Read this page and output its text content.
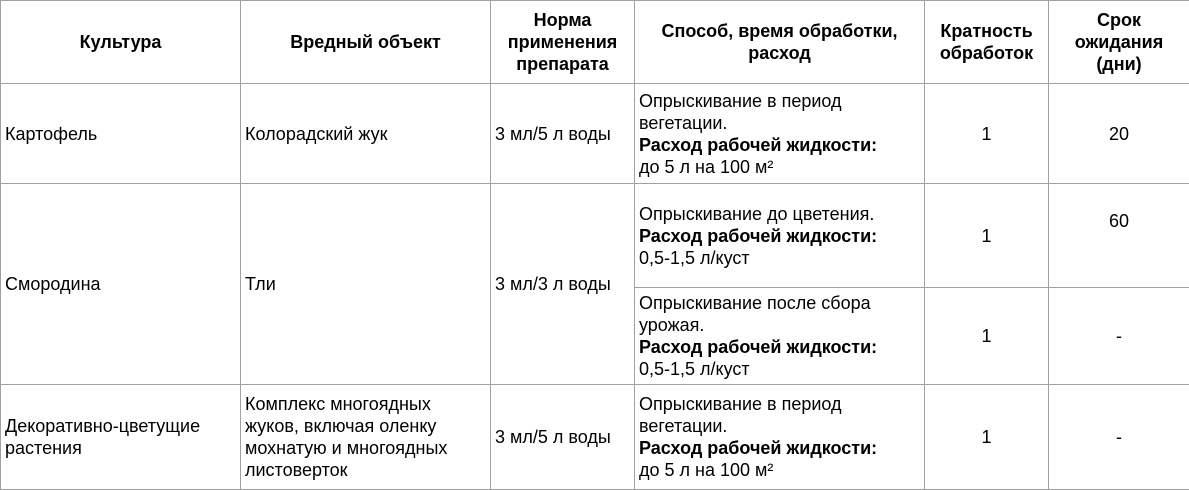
Культура	Вредный объект	Норма применения препарата	Способ, время обработки, расход	Кратность обработок	Срок ожидания (дни)
Картофель	Колорадский жук	3 мл/5 л воды	Опрыскивание в период вегетации.
Расход рабочей жидкости:
до 5 л на 100 м²	1	20
Смородина	Тли	3 мл/3 л воды	Опрыскивание до цветения.
Расход рабочей жидкости:
0,5-1,5 л/куст	1	60

			Опрыскивание после сбора урожая.
Расход рабочей жидкости:
0,5-1,5 л/куст	1	-
Декоративно-цветущие растения	Комплекс многоядных жуков, включая оленку мохнатую и многоядных листоверток	3 мл/5 л воды	Опрыскивание в период вегетации.
Расход рабочей жидкости:
до 5 л на 100 м²	1	-
